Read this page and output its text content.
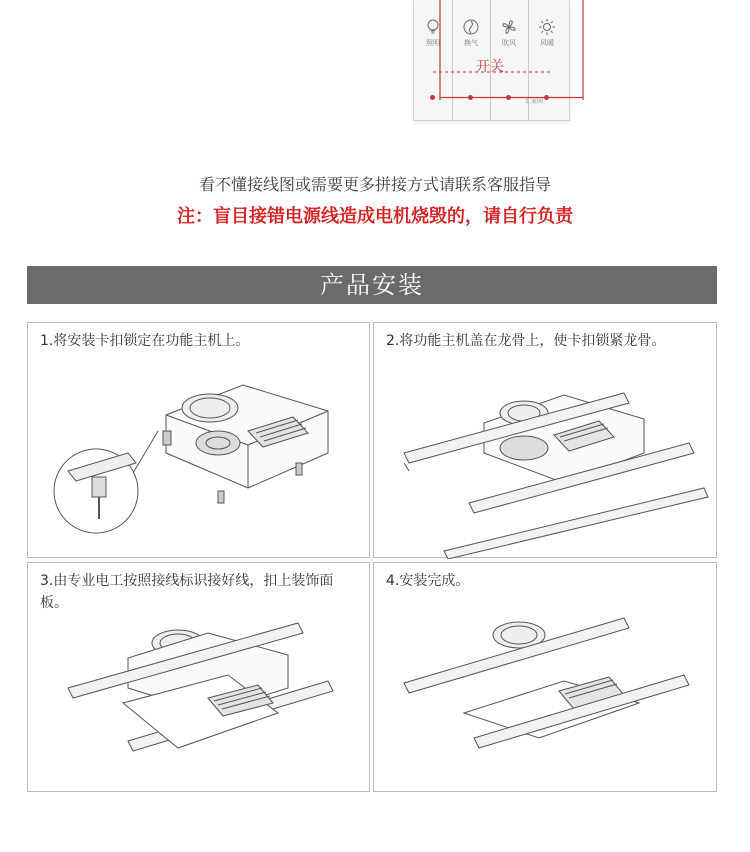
照明	换气	吹风	风暖
开关
汇家园
看不懂接线图或需要更多拼接方式请联系客服指导
注：盲目接错电源线造成电机烧毁的，请自行负责
产品安装
1.将安装卡扣锁定在功能主机上。	2.将功能主机盖在龙骨上，使卡扣锁紧龙骨。
3.由专业电工按照接线标识接好线，扣上装饰面板。
4.安装完成。
